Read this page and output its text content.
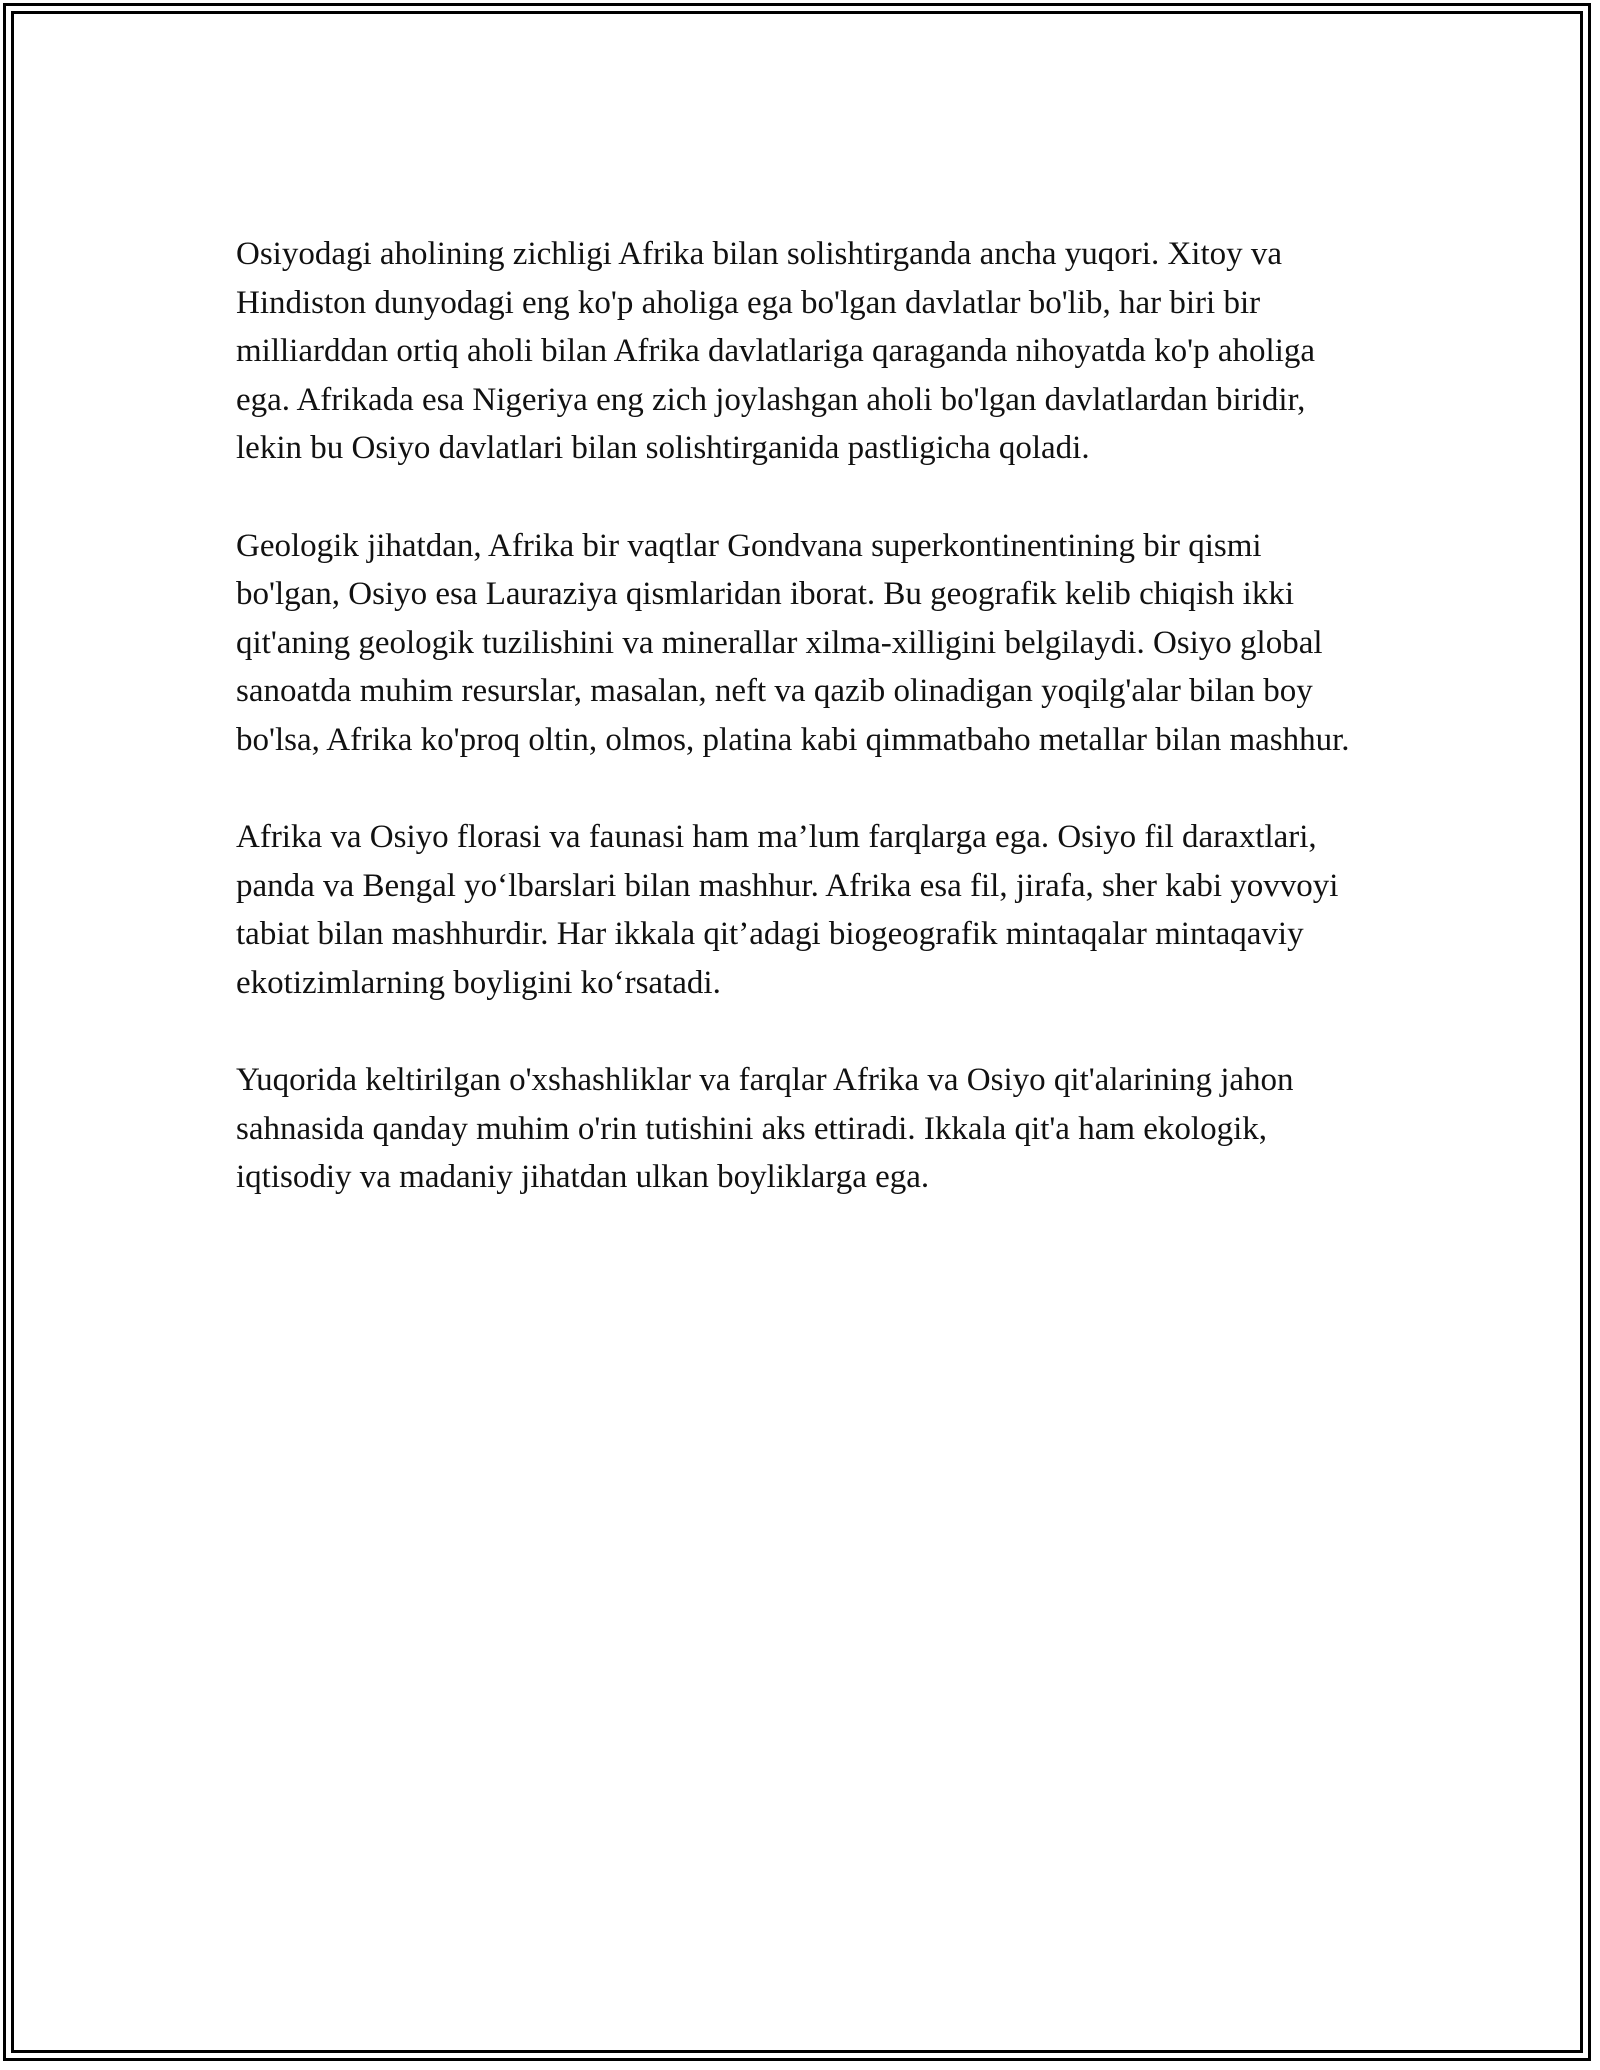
Osiyodagi aholining zichligi Afrika bilan solishtirganda ancha yuqori. Xitoy va Hindiston dunyodagi eng ko'p aholiga ega bo'lgan davlatlar bo'lib, har biri bir milliarddan ortiq aholi bilan Afrika davlatlariga qaraganda nihoyatda ko'p aholiga ega. Afrikada esa Nigeriya eng zich joylashgan aholi bo'lgan davlatlardan biridir, lekin bu Osiyo davlatlari bilan solishtirganida pastligicha qoladi.

Geologik jihatdan, Afrika bir vaqtlar Gondvana superkontinentining bir qismi bo'lgan, Osiyo esa Lauraziya qismlaridan iborat. Bu geografik kelib chiqish ikki qit'aning geologik tuzilishini va minerallar xilma-xilligini belgilaydi. Osiyo global sanoatda muhim resurslar, masalan, neft va qazib olinadigan yoqilg'alar bilan boy bo'lsa, Afrika ko'proq oltin, olmos, platina kabi qimmatbaho metallar bilan mashhur.

Afrika va Osiyo florasi va faunasi ham ma’lum farqlarga ega. Osiyo fil daraxtlari, panda va Bengal yo‘lbarslari bilan mashhur. Afrika esa fil, jirafa, sher kabi yovvoyi tabiat bilan mashhurdir. Har ikkala qit’adagi biogeografik mintaqalar mintaqaviy ekotizimlarning boyligini ko‘rsatadi.

Yuqorida keltirilgan o'xshashliklar va farqlar Afrika va Osiyo qit'alarining jahon sahnasida qanday muhim o'rin tutishini aks ettiradi. Ikkala qit'a ham ekologik, iqtisodiy va madaniy jihatdan ulkan boyliklarga ega.
